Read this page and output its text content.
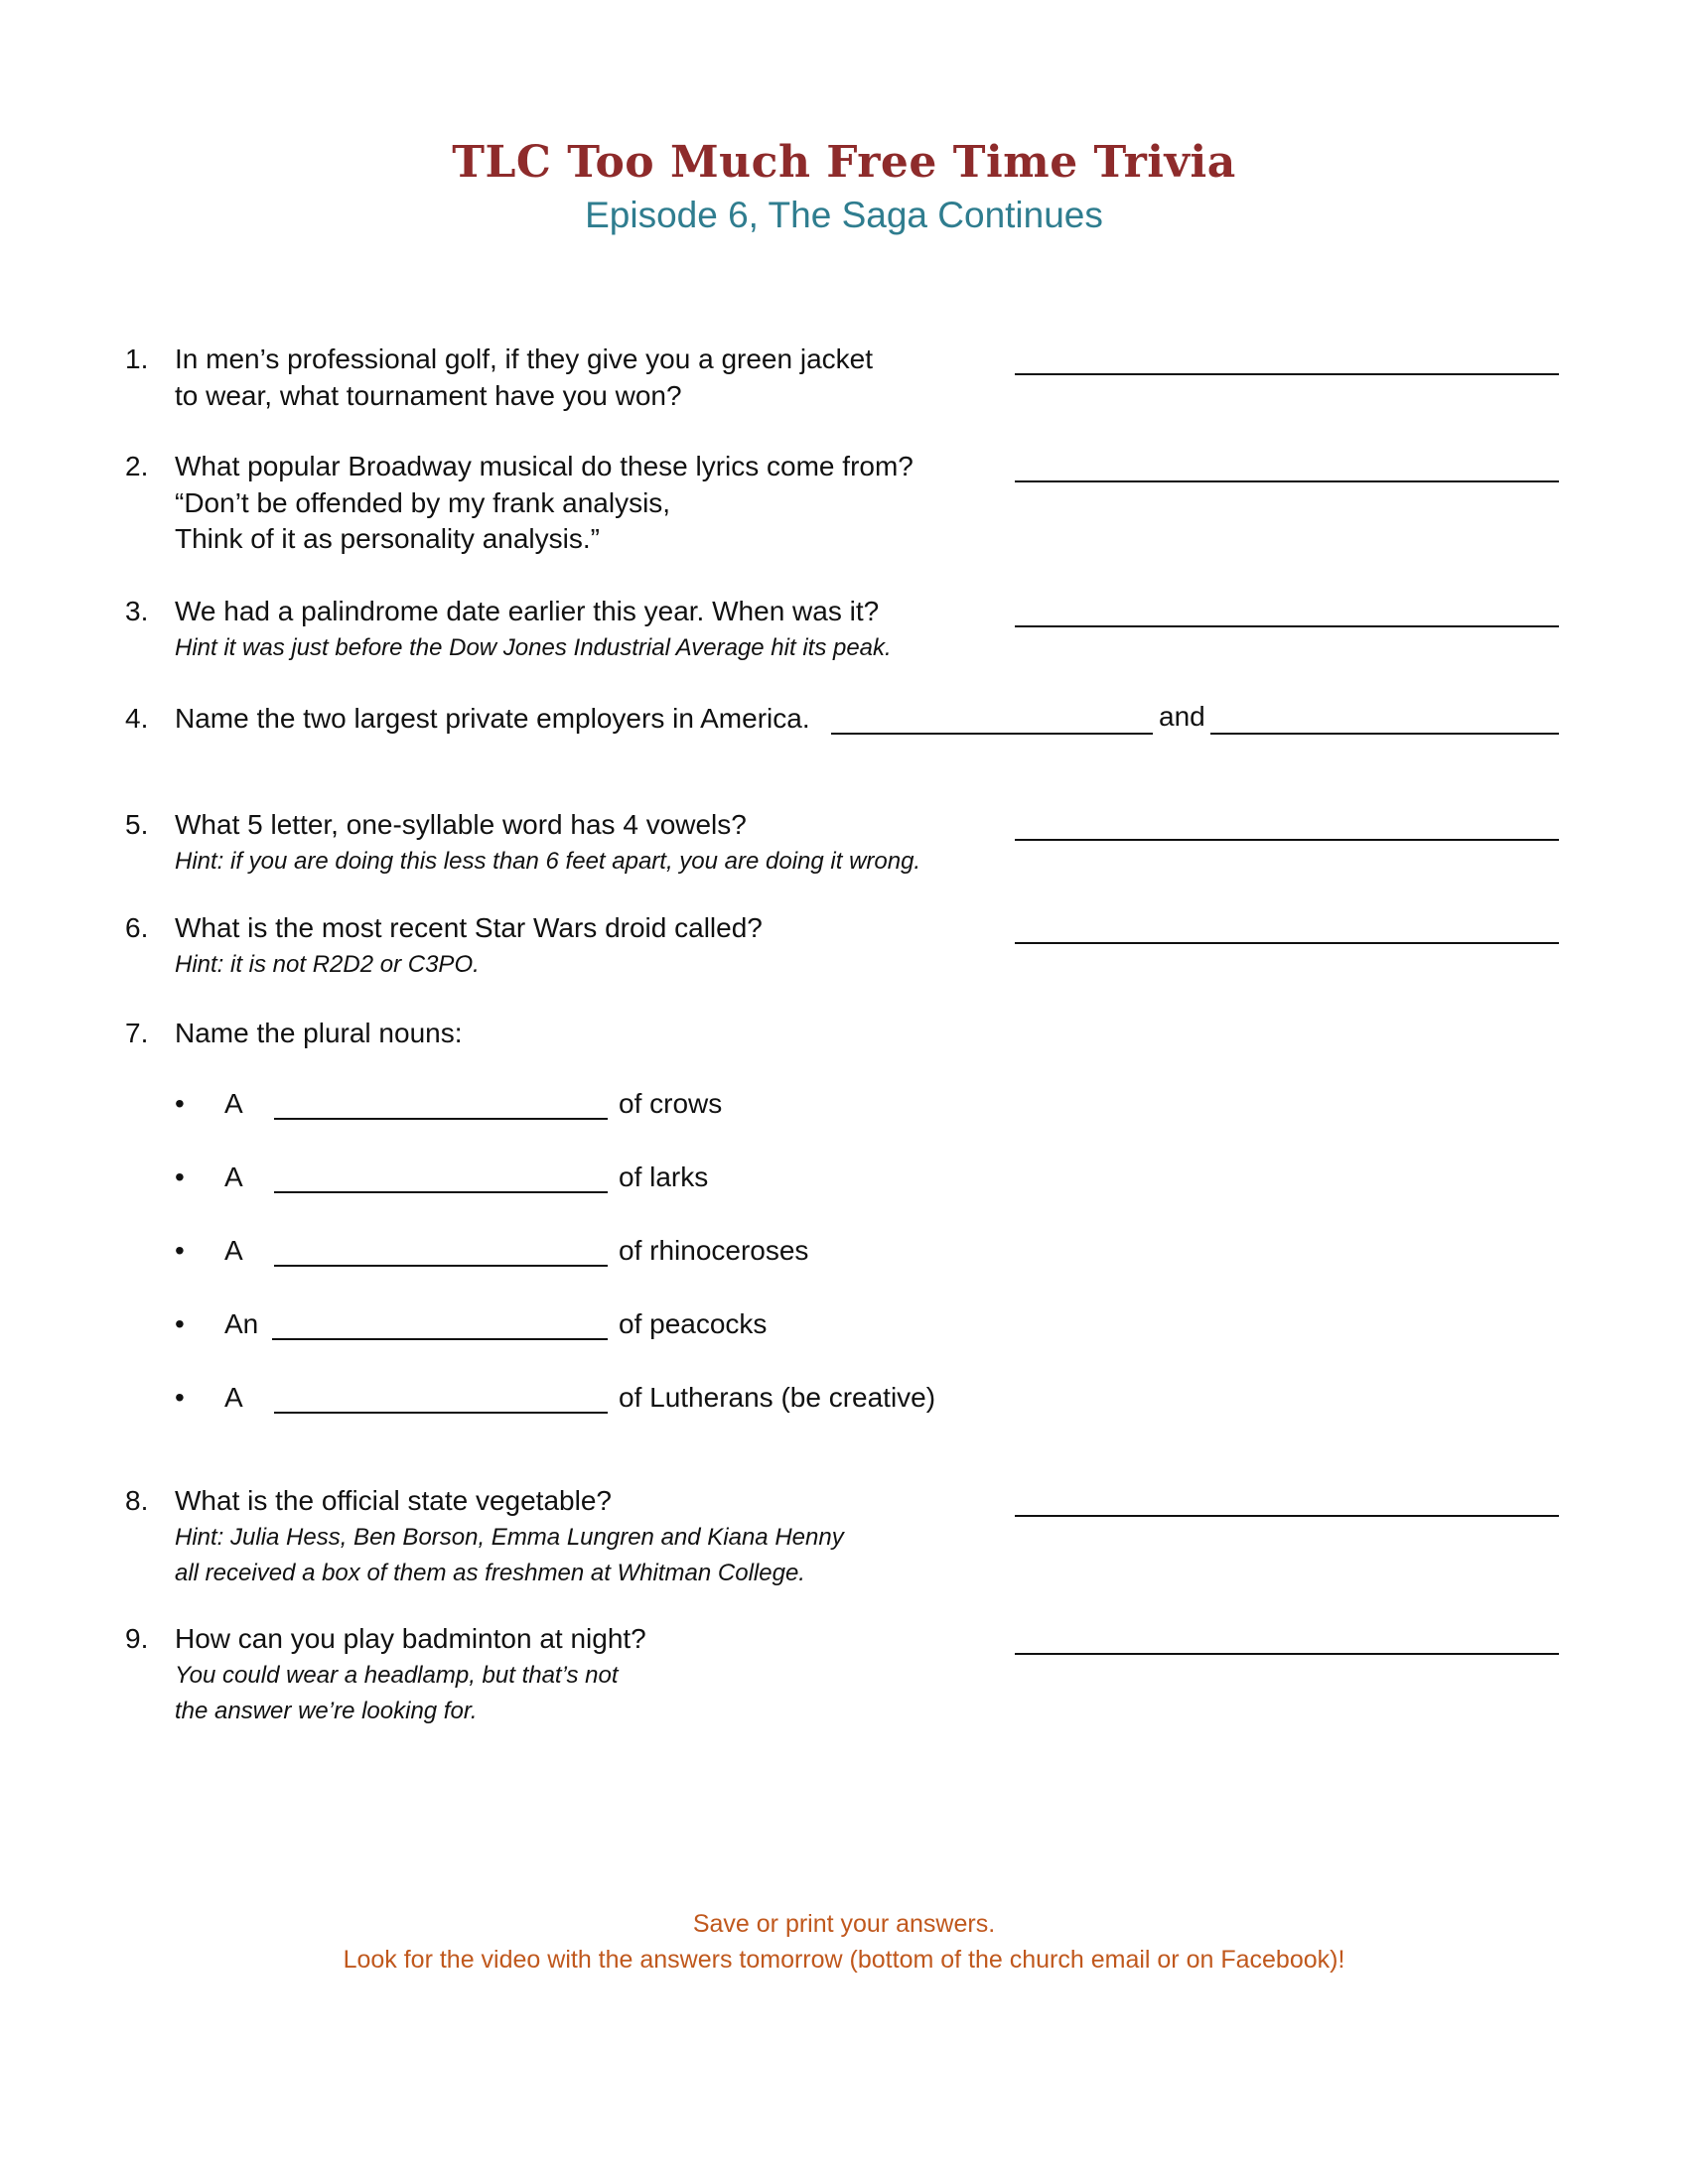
TLC Too Much Free Time Trivia
Episode 6, The Saga Continues
1. In men’s professional golf, if they give you a green jacket
to wear, what tournament have you won?
2. What popular Broadway musical do these lyrics come from?
“Don’t be offended by my frank analysis,
Think of it as personality analysis.”
3. We had a palindrome date earlier this year. When was it?
Hint it was just before the Dow Jones Industrial Average hit its peak.
4. Name the two largest private employers in America.	and
5. What 5 letter, one-syllable word has 4 vowels?
Hint: if you are doing this less than 6 feet apart, you are doing it wrong.
6. What is the most recent Star Wars droid called?
Hint: it is not R2D2 or C3PO.
7. Name the plural nouns:
• A	of crows
• A	of larks
• A	of rhinoceroses
• An	of peacocks
• A	of Lutherans (be creative)
8. What is the official state vegetable?
Hint: Julia Hess, Ben Borson, Emma Lungren and Kiana Henny
all received a box of them as freshmen at Whitman College.
9. How can you play badminton at night?
You could wear a headlamp, but that’s not
the answer we’re looking for.
Save or print your answers.
Look for the video with the answers tomorrow (bottom of the church email or on Facebook)!
